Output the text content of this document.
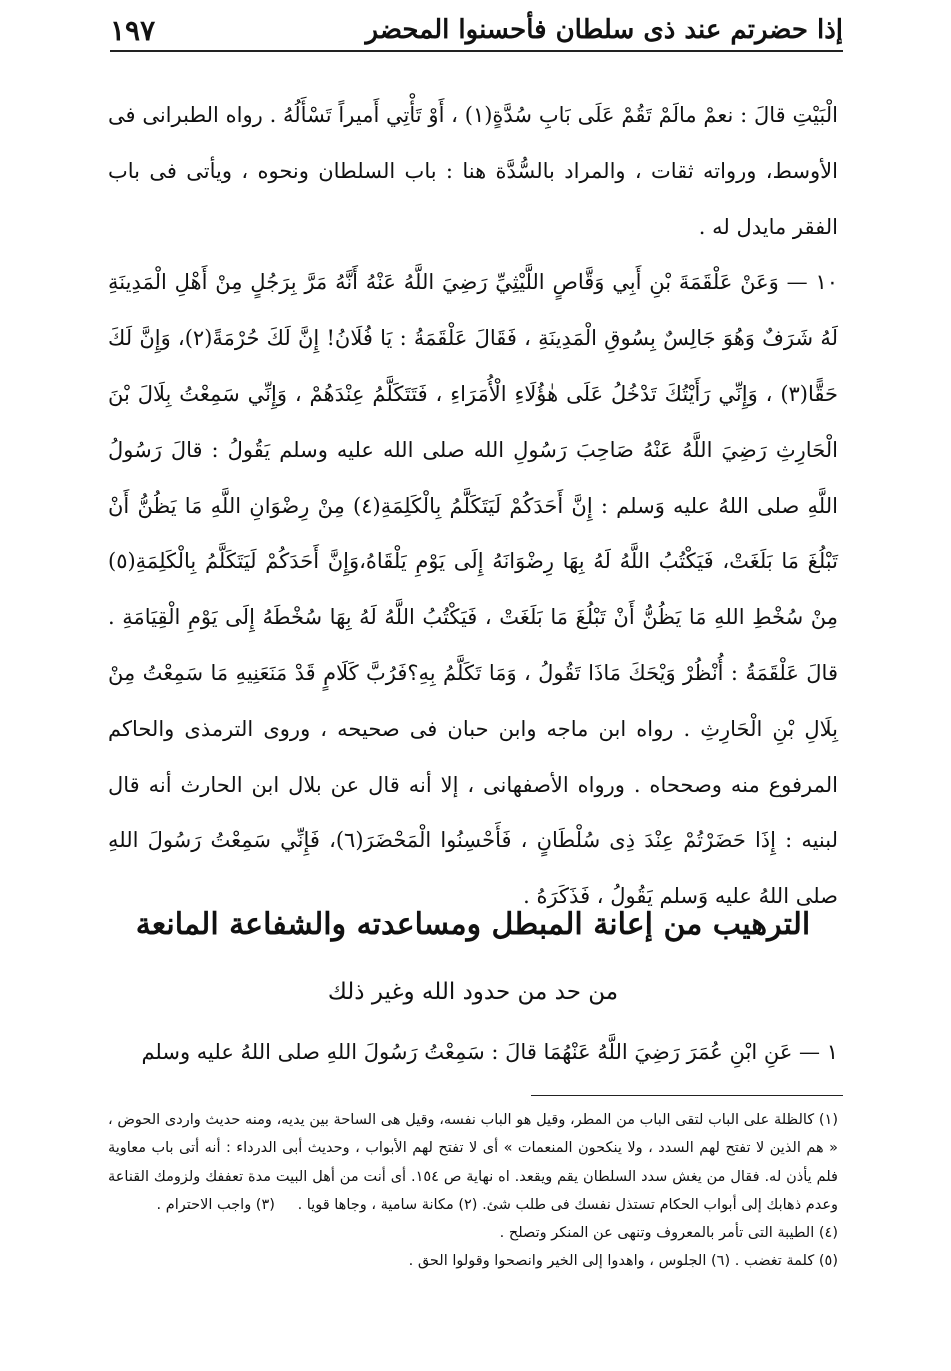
إذا حضرتم عند ذى سلطان فأحسنوا المحضر
١٩٧

الْبَيْتِ قالَ : نعمْ مالَمْ تَقُمْ عَلَى بَابِ سُدَّةٍ(١) ، أَوْ تَأْتِي أَميراً تَسْأَلُهُ . رواه الطبرانى فى الأوسط، ورواته ثقات ، والمراد بالسُّدَّة هنا : باب السلطان ونحوه ، ويأتى فى باب الفقر مايدل له .

١٠ — وَعَنْ عَلْقَمَةَ بْنِ أَبِي وَقَّاصٍ اللَّيْثِيِّ رَضِيَ اللَّهُ عَنْهُ أَنَّهُ مَرَّ بِرَجُلٍ مِنْ أَهْلِ الْمَدِينَةِ لَهُ شَرَفٌ وَهُوَ جَالِسٌ بِسُوقِ الْمَدِينَةِ ، فَقَالَ عَلْقَمَةُ : يَا فُلَانُ! إِنَّ لَكَ حُرْمَةً(٢)، وَإِنَّ لَكَ حَقًّا(٣) ، وَإِنِّي رَأَيْتُكَ تَدْخُلُ عَلَى هٰؤُلَاءِ الْأُمَرَاءِ ، فَتَتَكَلَّمُ عِنْدَهُمْ ، وَإِنِّي سَمِعْتُ بِلَالَ بْنَ الْحَارِثِ رَضِيَ اللَّهُ عَنْهُ صَاحِبَ رَسُولِ الله صلى الله عليه وسلم يَقُولُ : قالَ رَسُولُ اللَّهِ صلى اللهُ عليه وَسلم : إِنَّ أَحَدَكُمْ لَيَتَكَلَّمُ بِالْكَلِمَةِ(٤) مِنْ رِضْوَانِ اللَّهِ مَا يَظُنُّ أَنْ تَبْلُغَ مَا بَلَغَتْ، فَيَكْتُبُ اللَّهُ لَهُ بِهَا رِضْوَانَهُ إِلَى يَوْمِ يَلْقَاهُ،وَإِنَّ أَحَدَكُمْ لَيَتَكَلَّمُ بِالْكَلِمَةِ(٥) مِنْ سُخْطِ اللهِ مَا يَظُنُّ أَنْ تَبْلُغَ مَا بَلَغَتْ ، فَيَكْتُبُ اللَّهُ لَهُ بِهَا سُخْطَهُ إِلَى يَوْمِ الْقِيَامَةِ . قالَ عَلْقَمَةُ : أُنْظُرْ وَيْحَكَ مَاذَا تَقُولُ ، وَمَا تَكَلَّمُ بِهِ؟فَرُبَّ كَلَامٍ قَدْ مَنَعَنِيهِ مَا سَمِعْتُ مِنْ بِلَالِ بْنِ الْحَارِثِ . رواه ابن ماجه وابن حبان فى صحيحه ، وروى الترمذى والحاكم المرفوع منه وصححاه . ورواه الأصفهانى ، إلا أنه قال عن بلال ابن الحارث أنه قال لبنيه : إِذَا حَضَرْتُمْ عِنْدَ ذِى سُلْطَانٍ ، فَأَحْسِنُوا الْمَحْضَرَ(٦)، فَإِنِّي سَمِعْتُ رَسُولَ اللهِ صلى اللهُ عليه وَسلم يَقُولُ ، فَذَكَرَهُ .

الترهيب من إعانة المبطل ومساعدته والشفاعة المانعة
من حد من حدود الله وغير ذلك
١ — عَنِ ابْنِ عُمَرَ رَضِيَ اللَّهُ عَنْهُمَا قالَ : سَمِعْتُ رَسُولَ اللهِ صلى اللهُ عليه وسلم

(١) كالظلة على الباب لتقى الباب من المطر، وقيل هو الباب نفسه، وقيل هى الساحة بين يديه، ومنه حديث واردى الحوض ، « هم الذين لا تفتح لهم السدد ، ولا ينكحون المنعمات » أى لا تفتح لهم الأبواب ، وحديث أبى الدرداء : أنه أتى باب معاوية فلم يأذن له. فقال من يغش سدد السلطان يقم ويقعد. اه نهاية ص ١٥٤. أى أنت من أهل البيت مدة تعففك ولزومك القناعة وعدم ذهابك إلى أبواب الحكام تستذل نفسك فى طلب شئ. (٢) مكانة سامية ، وجاها قويا . (٣) واجب الاحترام .

(٤) الطيبة التى تأمر بالمعروف وتنهى عن المنكر وتصلح .

(٥) كلمة تغضب . (٦) الجلوس ، واهدوا إلى الخير وانصحوا وقولوا الحق .
